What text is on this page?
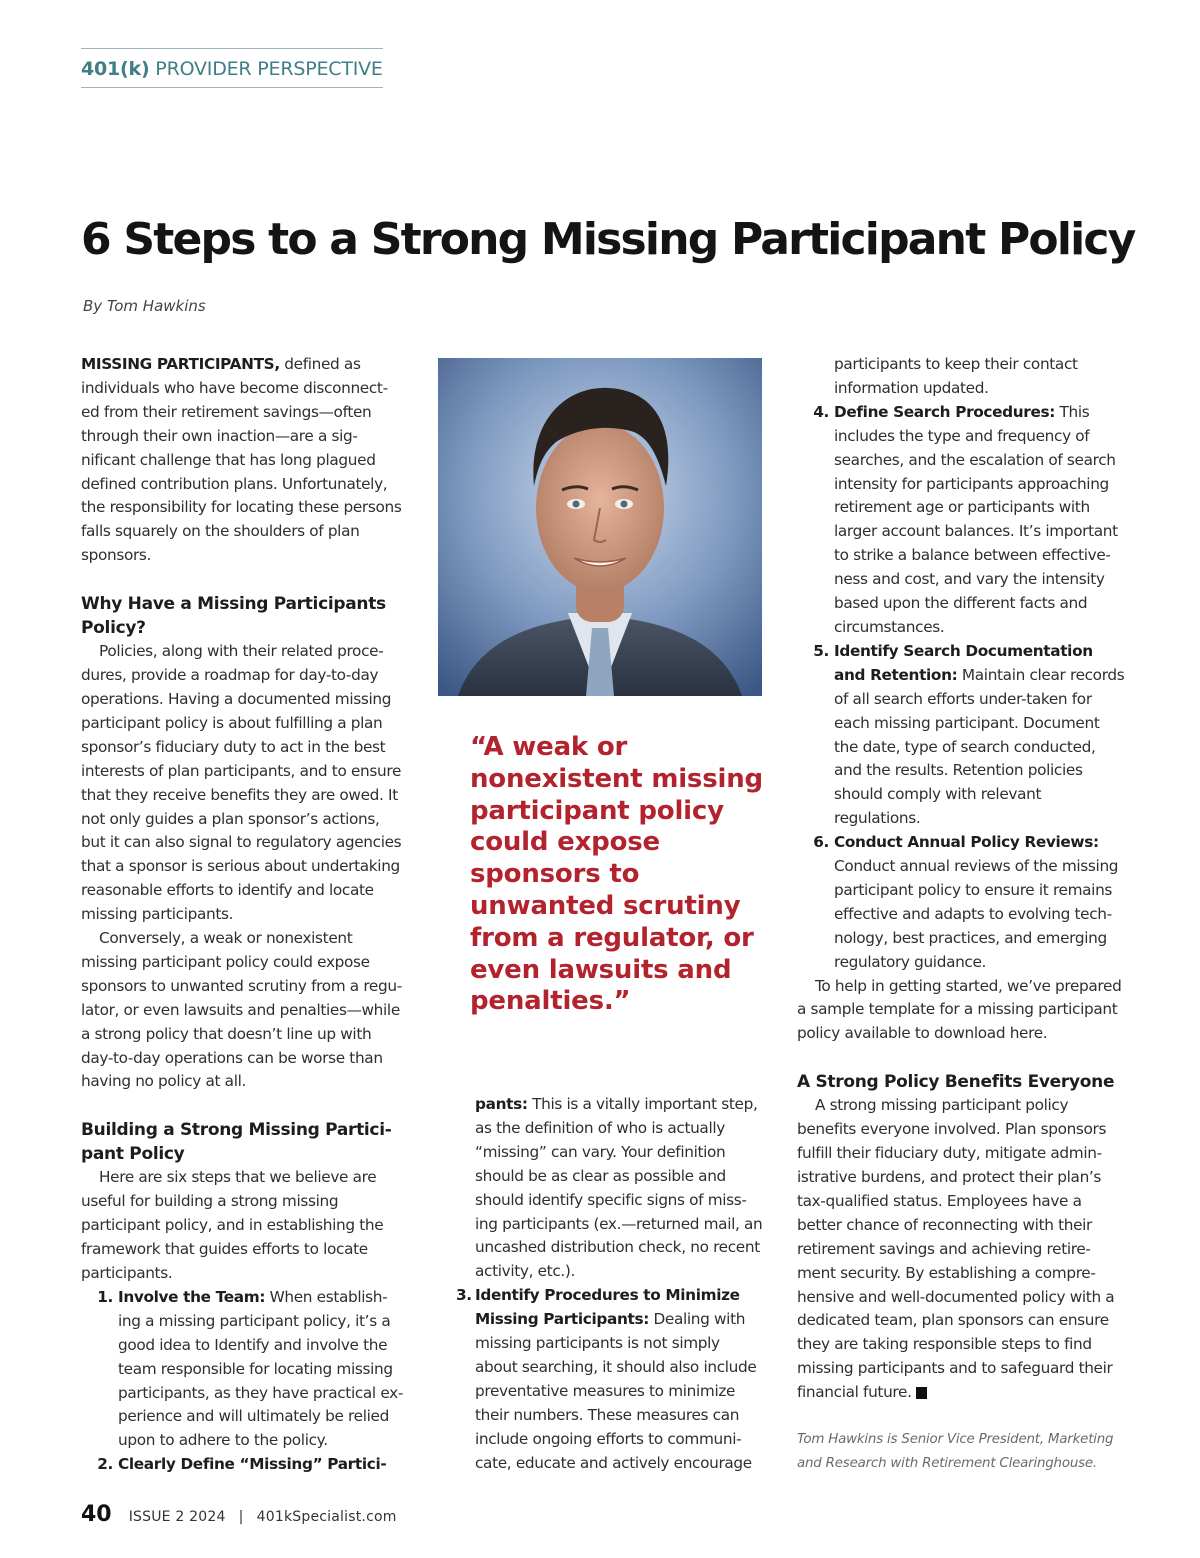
401(k) PROVIDER PERSPECTIVE
6 Steps to a Strong Missing Participant Policy
By Tom Hawkins

MISSING PARTICIPANTS, defined as individuals who have become disconnect-ed from their retirement savings—often through their own inaction—are a sig-nificant challenge that has long plagued defined contribution plans. Unfortunately, the responsibility for locating these persons falls squarely on the shoulders of plan sponsors.

Why Have a Missing Participants Policy?

Policies, along with their related proce-dures, provide a roadmap for day-to-day operations. Having a documented missing participant policy is about fulfilling a plan sponsor’s fiduciary duty to act in the best interests of plan participants, and to ensure that they receive benefits they are owed. It not only guides a plan sponsor’s actions, but it can also signal to regulatory agencies that a sponsor is serious about undertaking reasonable efforts to identify and locate missing participants.

Conversely, a weak or nonexistent missing participant policy could expose sponsors to unwanted scrutiny from a regu-lator, or even lawsuits and penalties—while a strong policy that doesn’t line up with day-to-day operations can be worse than having no policy at all.

Building a Strong Missing Partici-pant Policy

Here are six steps that we believe are useful for building a strong missing participant policy, and in establishing the framework that guides efforts to locate participants.

1. Involve the Team: When establish-ing a missing participant policy, it’s a good idea to Identify and involve the team responsible for locating missing participants, as they have practical ex-perience and will ultimately be relied upon to adhere to the policy.
2. Clearly Define “Missing” Partici-
“A weak or nonexistent missing participant policy could expose sponsors to unwanted scrutiny from a regulator, or even lawsuits and penalties.”
pants: This is a vitally important step, as the definition of who is actually “missing” can vary. Your definition should be as clear as possible and should identify specific signs of miss-ing participants (ex.—returned mail, an uncashed distribution check, no recent activity, etc.).
3. Identify Procedures to Minimize Missing Participants: Dealing with missing participants is not simply about searching, it should also include preventative measures to minimize their numbers. These measures can include ongoing efforts to communi-cate, educate and actively encourage
participants to keep their contact information updated.
4. Define Search Procedures: This includes the type and frequency of searches, and the escalation of search intensity for participants approaching retirement age or participants with larger account balances. It’s important to strike a balance between effective-ness and cost, and vary the intensity based upon the different facts and circumstances.
5. Identify Search Documentation and Retention: Maintain clear records of all search efforts under-taken for each missing participant. Document the date, type of search conducted, and the results. Retention policies should comply with relevant regulations.
6. Conduct Annual Policy Reviews: Conduct annual reviews of the missing participant policy to ensure it remains effective and adapts to evolving tech-nology, best practices, and emerging regulatory guidance.

To help in getting started, we’ve prepared a sample template for a missing participant policy available to download here.

A Strong Policy Benefits Everyone

A strong missing participant policy benefits everyone involved. Plan sponsors fulfill their fiduciary duty, mitigate admin-istrative burdens, and protect their plan’s tax-qualified status. Employees have a better chance of reconnecting with their retirement savings and achieving retire-ment security. By establishing a compre-hensive and well-documented policy with a dedicated team, plan sponsors can ensure they are taking responsible steps to find missing participants and to safeguard their financial future. K

Tom Hawkins is Senior Vice President, Marketing and Research with Retirement Clearinghouse.
40 ISSUE 2 2024 | 401kSpecialist.com
